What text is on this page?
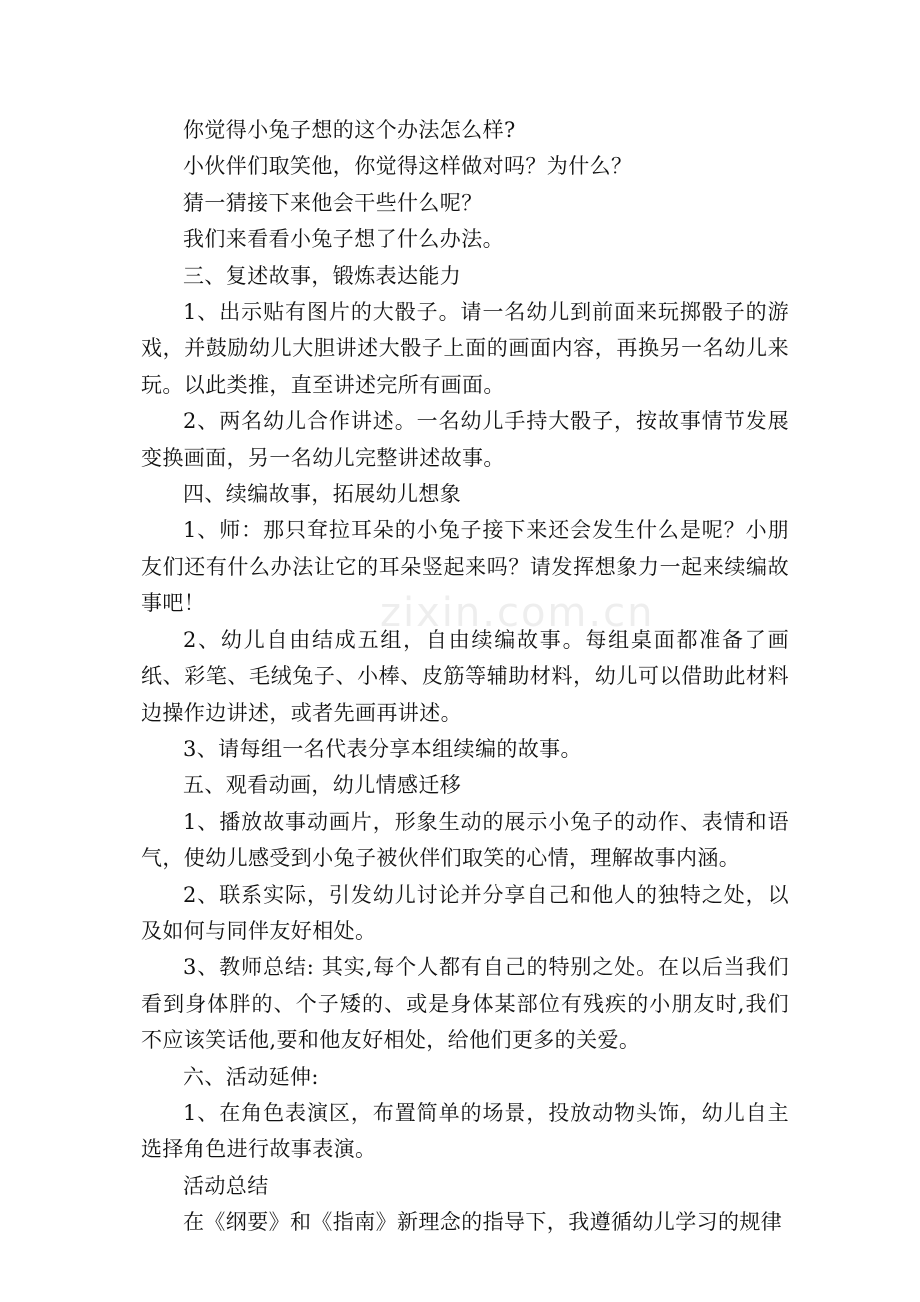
你觉得小兔子想的这个办法怎么样?

小伙伴们取笑他，你觉得这样做对吗？为什么？

猜一猜接下来他会干些什么呢？

我们来看看小兔子想了什么办法。

三、复述故事，锻炼表达能力

1、出示贴有图片的大骰子。请一名幼儿到前面来玩掷骰子的游戏，并鼓励幼儿大胆讲述大骰子上面的画面内容，再换另一名幼儿来玩。以此类推，直至讲述完所有画面。

2、两名幼儿合作讲述。一名幼儿手持大骰子，按故事情节发展变换画面，另一名幼儿完整讲述故事。

四、续编故事，拓展幼儿想象

1、师：那只耷拉耳朵的小兔子接下来还会发生什么是呢？小朋友们还有什么办法让它的耳朵竖起来吗？请发挥想象力一起来续编故事吧！

2、幼儿自由结成五组，自由续编故事。每组桌面都准备了画纸、彩笔、毛绒兔子、小棒、皮筋等辅助材料，幼儿可以借助此材料边操作边讲述，或者先画再讲述。

3、请每组一名代表分享本组续编的故事。

五、观看动画，幼儿情感迁移

1、播放故事动画片，形象生动的展示小兔子的动作、表情和语气，使幼儿感受到小兔子被伙伴们取笑的心情，理解故事内涵。

2、联系实际，引发幼儿讨论并分享自己和他人的独特之处，以及如何与同伴友好相处。

3、教师总结: 其实,每个人都有自己的特别之处。在以后当我们看到身体胖的、个子矮的、或是身体某部位有残疾的小朋友时,我们不应该笑话他,要和他友好相处，给他们更多的关爱。

六、活动延伸:

1、在角色表演区，布置简单的场景，投放动物头饰，幼儿自主选择角色进行故事表演。

活动总结

在《纲要》和《指南》新理念的指导下，我遵循幼儿学习的规律

zixin.com.cn
